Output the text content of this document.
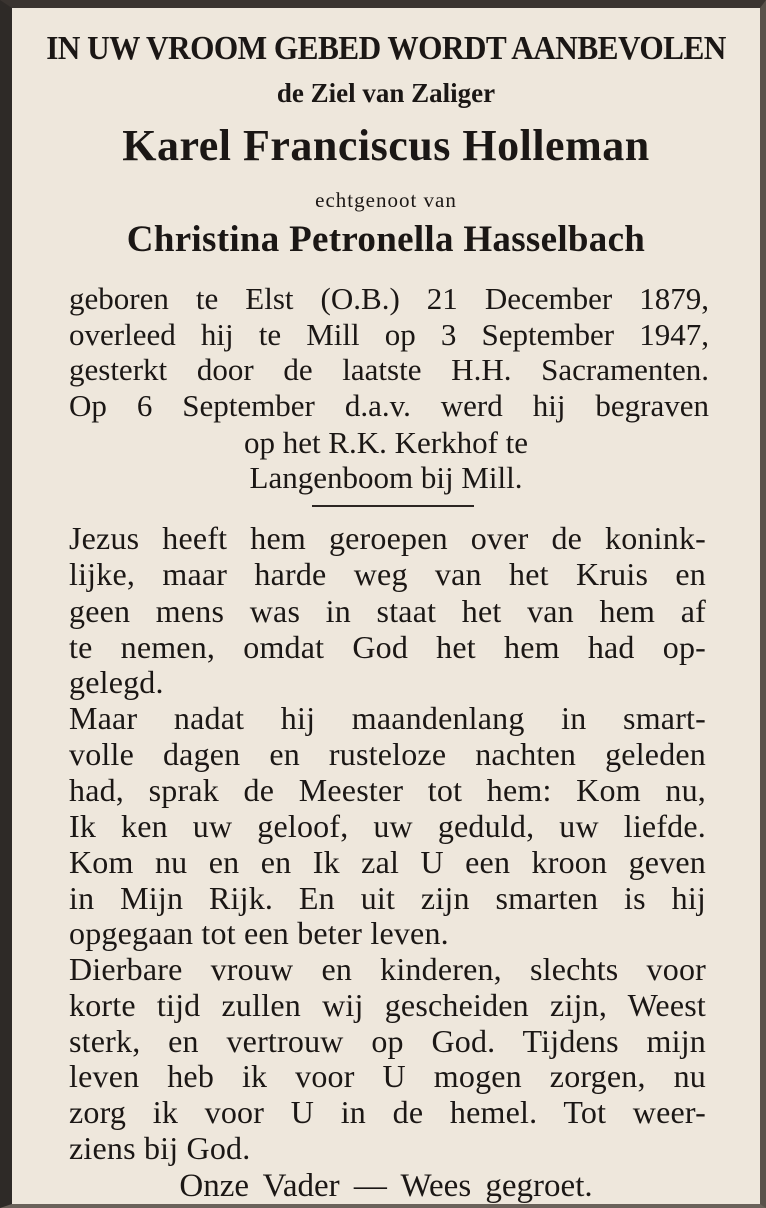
IN UW VROOM GEBED WORDT AANBEVOLEN
de Ziel van Zaliger
Karel Franciscus Holleman
echtgenoot van
Christina Petronella Hasselbach
geboren te Elst (O.B.) 21 December 1879,
overleed hij te Mill op 3 September 1947,
gesterkt door de laatste H.H. Sacramenten.
Op 6 September d.a.v. werd hij begraven
op het R.K. Kerkhof te
Langenboom bij Mill.
Jezus heeft hem geroepen over de konink-
lijke, maar harde weg van het Kruis en
geen mens was in staat het van hem af
te nemen, omdat God het hem had op-
gelegd.
Maar nadat hij maandenlang in smart-
volle dagen en rusteloze nachten geleden
had, sprak de Meester tot hem: Kom nu,
Ik ken uw geloof, uw geduld, uw liefde.
Kom nu en en Ik zal U een kroon geven
in Mijn Rijk. En uit zijn smarten is hij
opgegaan tot een beter leven.
Dierbare vrouw en kinderen, slechts voor
korte tijd zullen wij gescheiden zijn, Weest
sterk, en vertrouw op God. Tijdens mijn
leven heb ik voor U mogen zorgen, nu
zorg ik voor U in de hemel. Tot weer-
ziens bij God.
Onze Vader — Wees gegroet.
